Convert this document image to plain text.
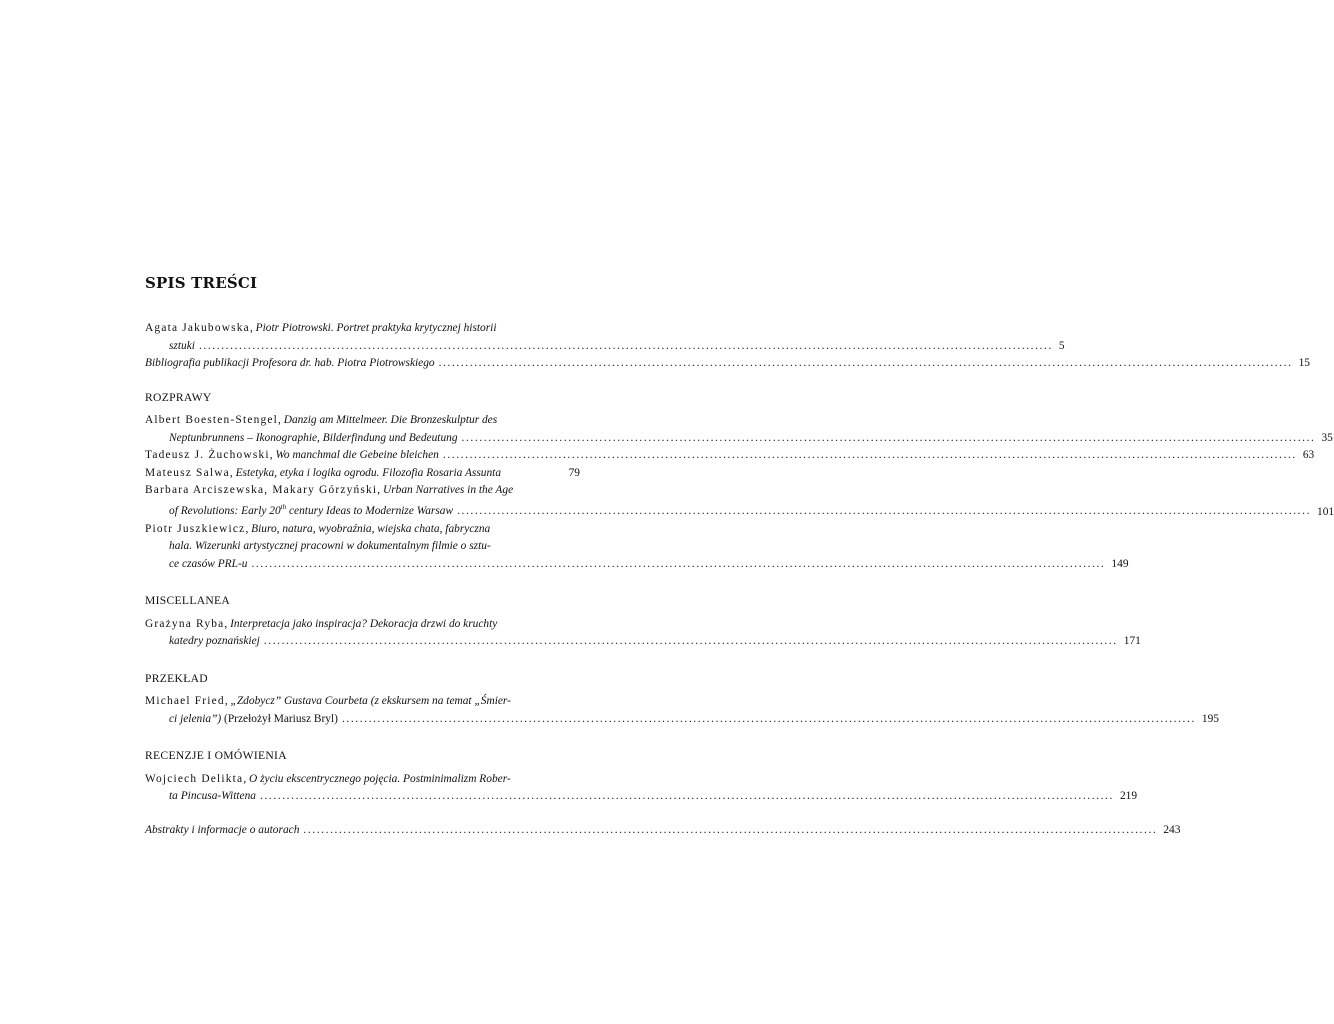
SPIS TREŚCI
Agata Jakubowska, Piotr Piotrowski. Portret praktyka krytycznej historii
sztuki .....	5
Bibliografia publikacji Profesora dr. hab. Piotra Piotrowskiego .....	15

ROZPRAWY

Albert Boesten-Stengel, Danzig am Mittelmeer. Die Bronzeskulptur des
Neptunbrunnens – Ikonographie, Bilderfindung und Bedeutung .....	35
Tadeusz J. Żuchowski, Wo manchmal die Gebeine bleichen .....	63
Mateusz Salwa, Estetyka, etyka i logika ogrodu. Filozofia Rosaria Assunta	79
Barbara Arciszewska, Makary Górzyński, Urban Narratives in the Age
of Revolutions: Early 20th century Ideas to Modernize Warsaw .....	101
Piotr Juszkiewicz, Biuro, natura, wyobraźnia, wiejska chata, fabryczna
hala. Wizerunki artystycznej pracowni w dokumentalnym filmie o sztu-
ce czasów PRL-u .....	149

MISCELLANEA

Grażyna Ryba, Interpretacja jako inspiracja? Dekoracja drzwi do kruchty
katedry poznańskiej .....	171

PRZEKŁAD

Michael Fried, „Zdobycz” Gustava Courbeta (z ekskursem na temat „Śmier-
ci jelenia”) (Przełożył Mariusz Bryl) .....	195

RECENZJE I OMÓWIENIA

Wojciech Delikta, O życiu ekscentrycznego pojęcia. Postminimalizm Rober-
ta Pincusa-Wittena .....	219
Abstrakty i informacje o autorach .....	243
